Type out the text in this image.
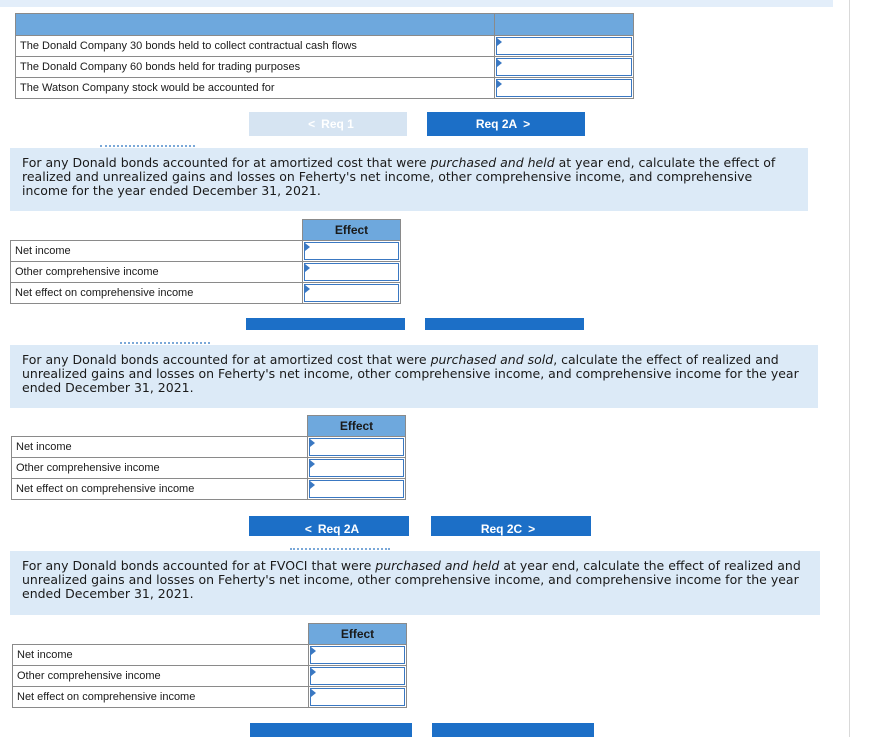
The Donald Company 30 bonds held to collect contractual cash flows	

The Donald Company 60 bonds held for trading purposes	

The Watson Company stock would be accounted for	
< Req 1	Req 2A >
For any Donald bonds accounted for at amortized cost that were purchased and held at year end, calculate the effect of realized and unrealized gains and losses on Feherty's net income, other comprehensive income, and comprehensive income for the year ended December 31, 2021.
	Effect
Net income	

Other comprehensive income	

Net effect on comprehensive income	
For any Donald bonds accounted for at amortized cost that were purchased and sold, calculate the effect of realized and unrealized gains and losses on Feherty's net income, other comprehensive income, and comprehensive income for the year ended December 31, 2021.
	Effect
Net income	

Other comprehensive income	

Net effect on comprehensive income	
< Req 2A	Req 2C >
For any Donald bonds accounted for at FVOCI that were purchased and held at year end, calculate the effect of realized and unrealized gains and losses on Feherty's net income, other comprehensive income, and comprehensive income for the year ended December 31, 2021.
	Effect
Net income	

Other comprehensive income	

Net effect on comprehensive income	
